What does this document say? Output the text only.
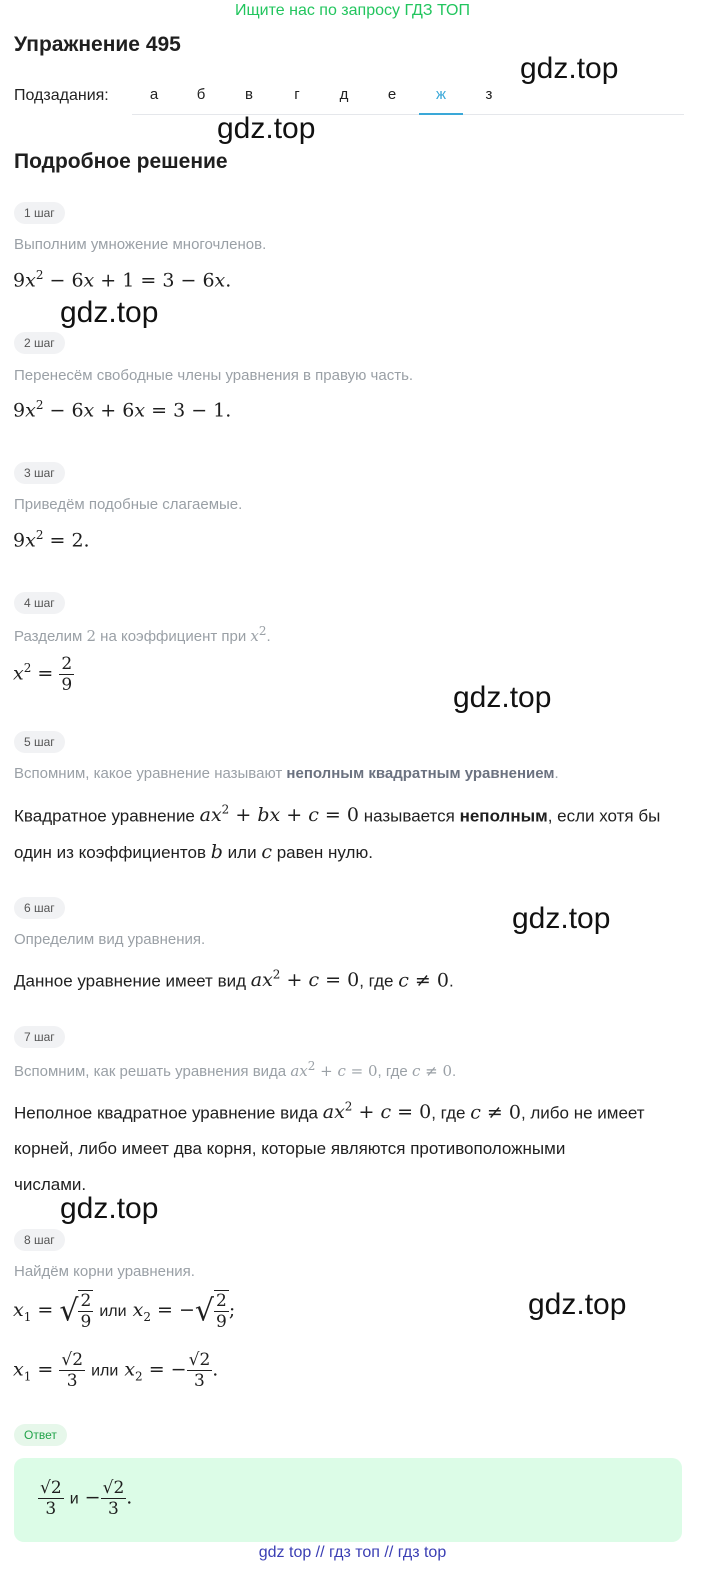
Ищите нас по запросу ГДЗ ТОП
Упражнение 495
Подзадания:	а	б	в	г	д	е	ж	з
Подробное решение
gdz.top
gdz.top
gdz.top
gdz.top
gdz.top
gdz.top
gdz.top
1 шаг
Выполним умножение многочленов.
$9x^2 - 6x + 1 = 3 - 6x$.
2 шаг
Перенесём свободные члены уравнения в правую часть.
$9x^2 - 6x + 6x = 3 - 1$.
3 шаг
Приведём подобные слагаемые.
$9x^2 = 2$.
4 шаг
Разделим 2 на коэффициент при $x^2$.
$x^2 = \frac{2}{9}$
5 шаг
Вспомним, какое уравнение называют неполным квадратным уравнением.
Квадратное уравнение $ax^2$ + bx + c = 0 называется неполным, если хотя бы
один из коэффициентов b или c равен нулю.
6 шаг
Определим вид уравнения.
Данное уравнение имеет вид $ax^2 + c = 0$, где c ≠ 0.
7 шаг
Вспомним, как решать уравнения вида $ax^2 + c = 0$, где c ≠ 0.
Неполное квадратное уравнение вида $ax^2 + c = 0$, где c ≠ 0, либо не имеет
корней, либо имеет два корня, которые являются противоположными
числами.
8 шаг
Найдём корни уравнения.
$x_1$ = √ $\frac{2}{9}$ или $x_2$ = −√ $\frac{2}{9}$ ;
$x_1 = \frac{√2}{3}$ или $x_2$ = − $\frac{√2}{3}$ .
Ответ
$\frac{√2}{3}$ $и - \frac{√2}{3}$ .
gdz top // гдз топ // гдз top
